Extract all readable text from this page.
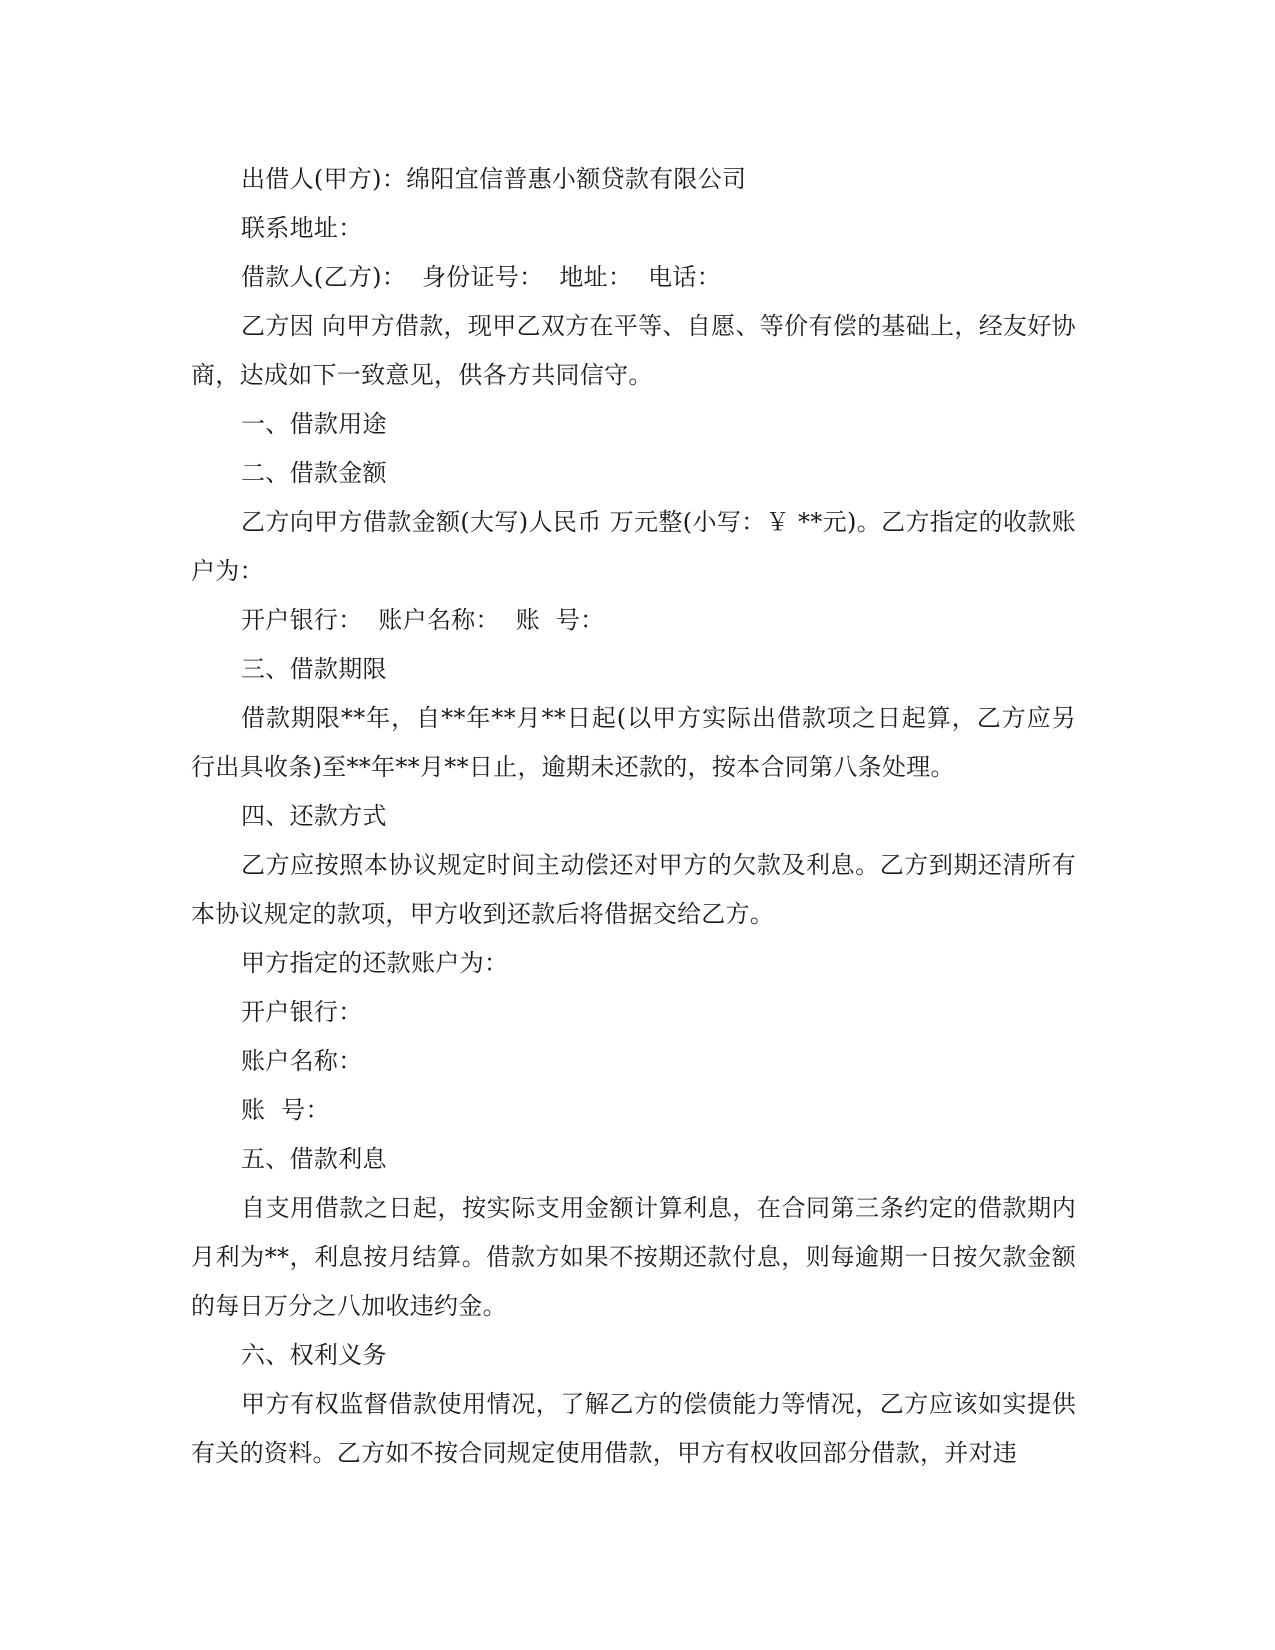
出借人(甲方)：绵阳宜信普惠小额贷款有限公司

联系地址：

借款人(乙方)：  身份证号：  地址：  电话：

乙方因 向甲方借款，现甲乙双方在平等、自愿、等价有偿的基础上，经友好协商，达成如下一致意见，供各方共同信守。

一、借款用途

二、借款金额

乙方向甲方借款金额(大写)人民币 万元整(小写：￥ **元)。乙方指定的收款账户为：

开户银行：  账户名称：  账  号：

三、借款期限

借款期限**年，自**年**月**日起(以甲方实际出借款项之日起算，乙方应另行出具收条)至**年**月**日止，逾期未还款的，按本合同第八条处理。

四、还款方式

乙方应按照本协议规定时间主动偿还对甲方的欠款及利息。乙方到期还清所有本协议规定的款项，甲方收到还款后将借据交给乙方。

甲方指定的还款账户为：

开户银行：

账户名称：

账  号：

五、借款利息

自支用借款之日起，按实际支用金额计算利息，在合同第三条约定的借款期内月利为**，利息按月结算。借款方如果不按期还款付息，则每逾期一日按欠款金额的每日万分之八加收违约金。

六、权利义务

甲方有权监督借款使用情况，了解乙方的偿债能力等情况，乙方应该如实提供有关的资料。乙方如不按合同规定使用借款，甲方有权收回部分借款，并对违
